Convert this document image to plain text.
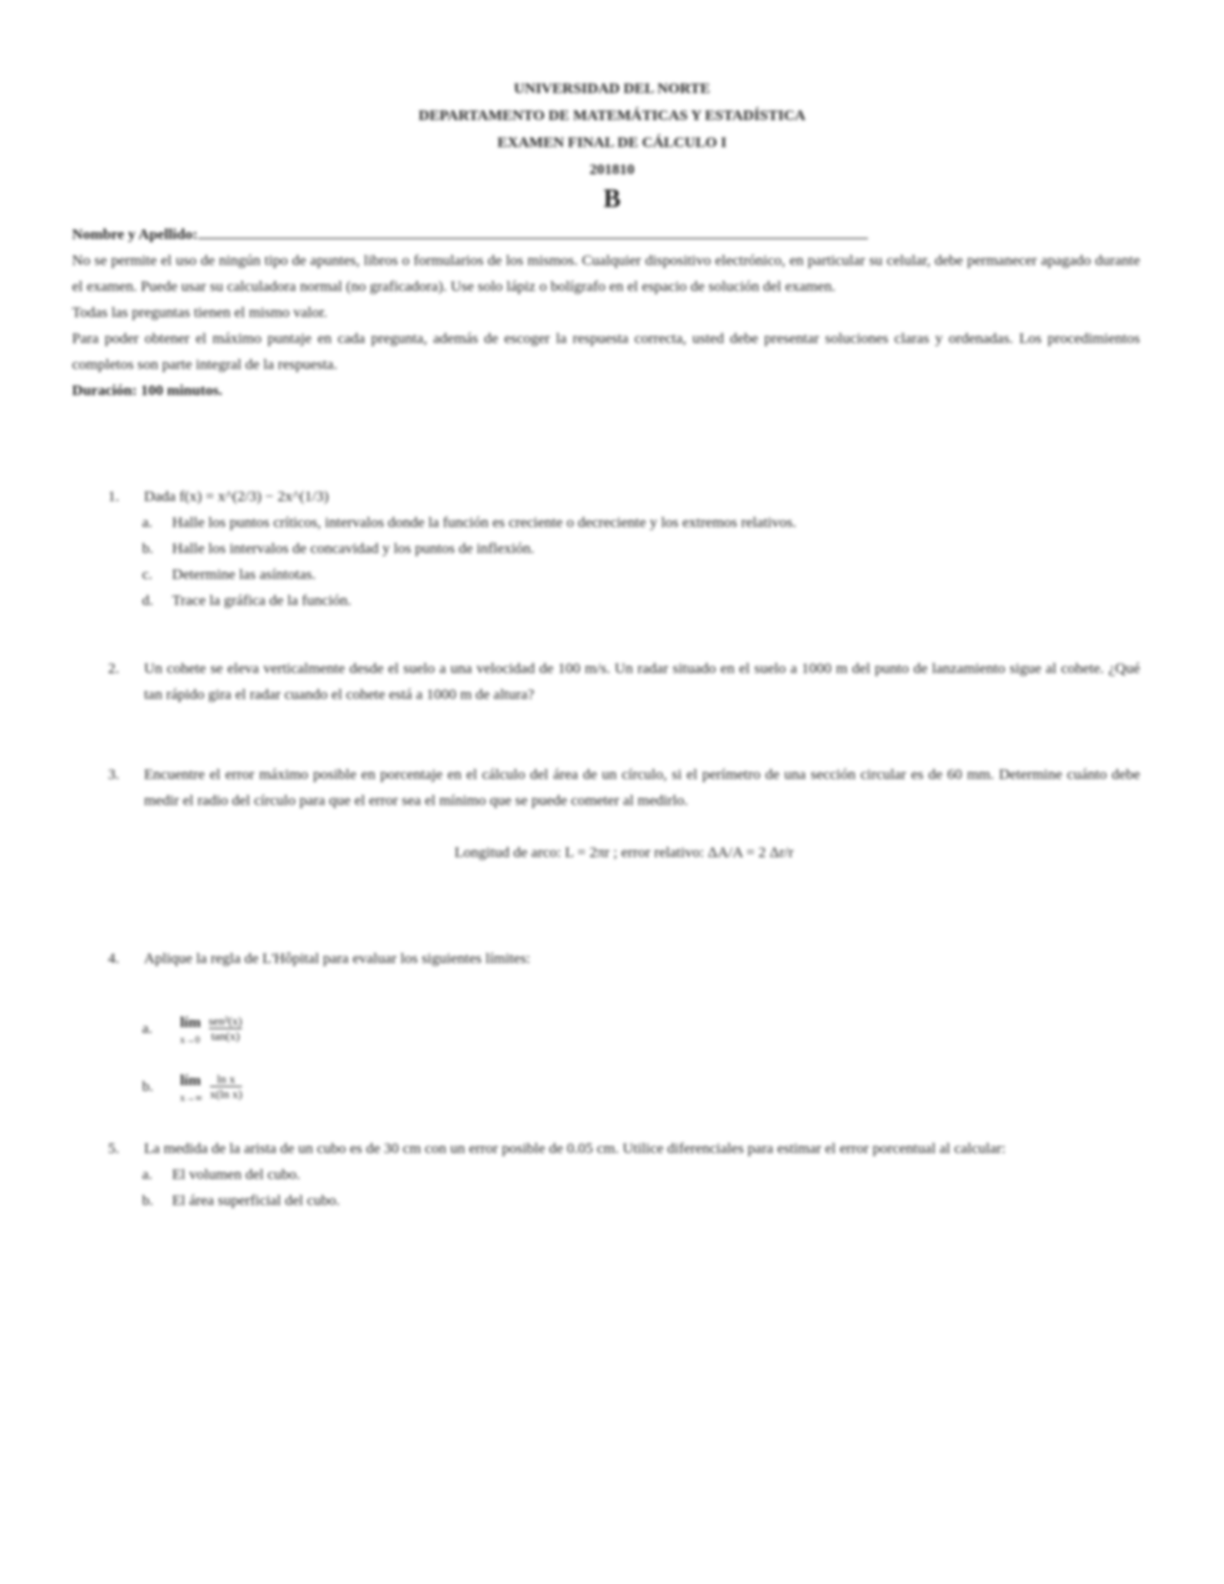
UNIVERSIDAD DEL NORTE
DEPARTAMENTO DE MATEMÁTICAS Y ESTADÍSTICA
EXAMEN FINAL DE CÁLCULO I
201810
B
Nombre y Apellido:

No se permite el uso de ningún tipo de apuntes, libros o formularios de los mismos. Cualquier dispositivo electrónico, en particular su celular, debe permanecer apagado durante el examen. Puede usar su calculadora normal (no graficadora). Use solo lápiz o bolígrafo en el espacio de solución del examen.

Todas las preguntas tienen el mismo valor.

Para poder obtener el máximo puntaje en cada pregunta, además de escoger la respuesta correcta, usted debe presentar soluciones claras y ordenadas. Los procedimientos completos son parte integral de la respuesta.

Duración: 100 minutos.

1.	Dada f(x) = x^(2/3) − 2x^(1/3)
a. Halle los puntos críticos, intervalos donde la función es creciente o decreciente y los extremos relativos.
b. Halle los intervalos de concavidad y los puntos de inflexión.
c. Determine las asíntotas.
d. Trace la gráfica de la función.
2.	Un cohete se eleva verticalmente desde el suelo a una velocidad de 100 m/s. Un radar situado en el suelo a 1000 m del punto de lanzamiento sigue al cohete. ¿Qué tan rápido gira el radar cuando el cohete está a 1000 m de altura?
3.	Encuentre el error máximo posible en porcentaje en el cálculo del área de un círculo, si el perímetro de una sección circular es de 60 mm. Determine cuánto debe medir el radio del círculo para que el error sea el mínimo que se puede cometer al medirlo.
Longitud de arco: L = 2πr ; error relativo: ΔA/A = 2 Δr/r
4.	Aplique la regla de L'Hôpital para evaluar los siguientes límites:
a. lím
x→0
$\frac{\text{sen²(x)}}{\tan(x)}$
b. lím
x→∞
$\frac{\text{ln x}}{\text{x(ln x)}}$
5.	La medida de la arista de un cubo es de 30 cm con un error posible de 0.05 cm. Utilice diferenciales para estimar el error porcentual al calcular:
a. El volumen del cubo.
b. El área superficial del cubo.
